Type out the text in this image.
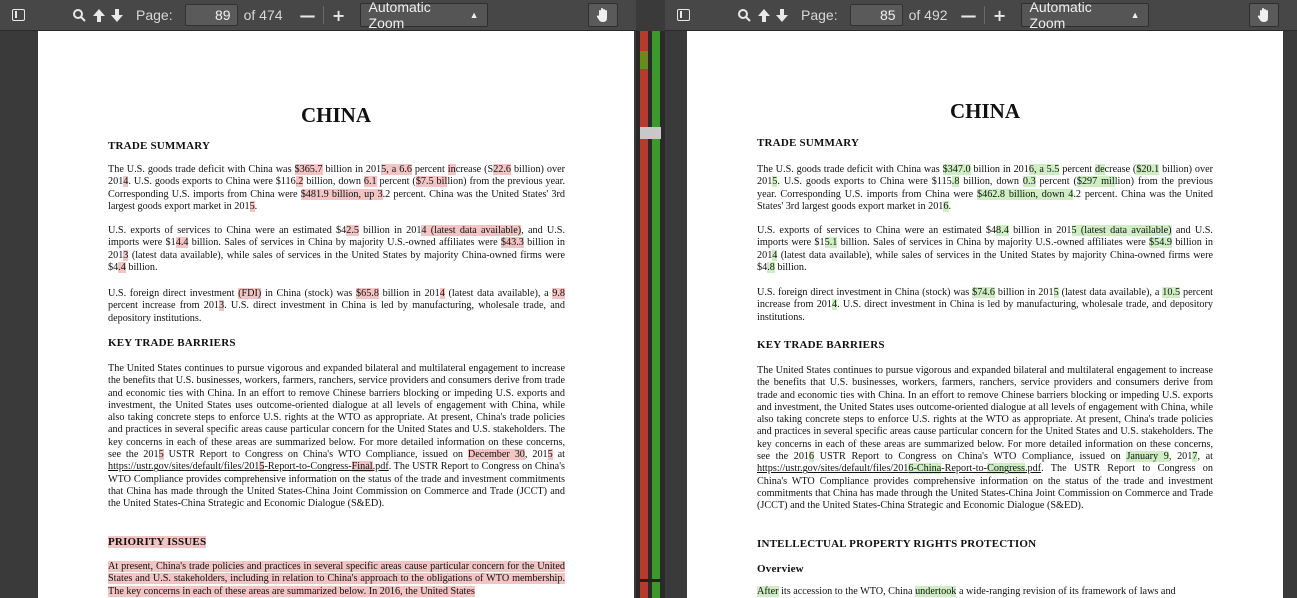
Page:	89 of 474 — +	Automatic Zoom	▲︎	Page:	85 of 492 — +	Automatic Zoom	▲︎
CHINA
TRADE SUMMARY

The U.S. goods trade deficit with China was $365.7 billion in 2015, a 6.6 percent increase (S22.6 billion) over 2014. U.S. goods exports to China were $116.2 billion, down 6.1 percent ($7.5 billion) from the previous year. Corresponding U.S. imports from China were $481.9 billion, up 3.2 percent. China was the United States' 3rd largest goods export market in 2015.

U.S. exports of services to China were an estimated $42.5 billion in 2014 (latest data available), and U.S. imports were $14.4 billion. Sales of services in China by majority U.S.-owned affiliates were $43.3 billion in 2013 (latest data available), while sales of services in the United States by majority China-owned firms were $4.4 billion.

U.S. foreign direct investment (FDI) in China (stock) was $65.8 billion in 2014 (latest data available), a 9.8 percent increase from 2013. U.S. direct investment in China is led by manufacturing, wholesale trade, and depository institutions.

KEY TRADE BARRIERS

The United States continues to pursue vigorous and expanded bilateral and multilateral engagement to increase the benefits that U.S. businesses, workers, farmers, ranchers, service providers and consumers derive from trade and economic ties with China. In an effort to remove Chinese barriers blocking or impeding U.S. exports and investment, the United States uses outcome-oriented dialogue at all levels of engagement with China, while also taking concrete steps to enforce U.S. rights at the WTO as appropriate. At present, China's trade policies and practices in several specific areas cause particular concern for the United States and U.S. stakeholders. The key concerns in each of these areas are summarized below. For more detailed information on these concerns, see the 2015 USTR Report to Congress on China's WTO Compliance, issued on December 30, 2015 at https://ustr.gov/sites/default/files/2015-Report-to-Congress-Final.pdf. The USTR Report to Congress on China's WTO Compliance provides comprehensive information on the status of the trade and investment commitments that China has made through the United States-China Joint Commission on Commerce and Trade (JCCT) and the United States-China Strategic and Economic Dialogue (S&ED).

PRIORITY ISSUES

At present, China's trade policies and practices in several specific areas cause particular concern for the United States and U.S. stakeholders, including in relation to China's approach to the obligations of WTO membership. The key concerns in each of these areas are summarized below. In 2016, the United States

CHINA
TRADE SUMMARY

The U.S. goods trade deficit with China was $347.0 billion in 2016, a 5.5 percent decrease ($20.1 billion) over 2015. U.S. goods exports to China were $115.8 billion, down 0.3 percent ($297 million) from the previous year. Corresponding U.S. imports from China were $462.8 billion, down 4.2 percent. China was the United States' 3rd largest goods export market in 2016.

U.S. exports of services to China were an estimated $48.4 billion in 2015 (latest data available) and U.S. imports were $15.1 billion. Sales of services in China by majority U.S.-owned affiliates were $54.9 billion in 2014 (latest data available), while sales of services in the United States by majority China-owned firms were $4.8 billion.

U.S. foreign direct investment in China (stock) was $74.6 billion in 2015 (latest data available), a 10.5 percent increase from 2014. U.S. direct investment in China is led by manufacturing, wholesale trade, and depository institutions.

KEY TRADE BARRIERS

The United States continues to pursue vigorous and expanded bilateral and multilateral engagement to increase the benefits that U.S. businesses, workers, farmers, ranchers, service providers and consumers derive from trade and economic ties with China. In an effort to remove Chinese barriers blocking or impeding U.S. exports and investment, the United States uses outcome-oriented dialogue at all levels of engagement with China, while also taking concrete steps to enforce U.S. rights at the WTO as appropriate. At present, China's trade policies and practices in several specific areas cause particular concern for the United States and U.S. stakeholders. The key concerns in each of these areas are summarized below. For more detailed information on these concerns, see the 2016 USTR Report to Congress on China's WTO Compliance, issued on January 9, 2017, at https://ustr.gov/sites/default/files/2016-China-Report-to-Congress.pdf. The USTR Report to Congress on China's WTO Compliance provides comprehensive information on the status of the trade and investment commitments that China has made through the United States-China Joint Commission on Commerce and Trade (JCCT) and the United States-China Strategic and Economic Dialogue (S&ED).

INTELLECTUAL PROPERTY RIGHTS PROTECTION
Overview

After its accession to the WTO, China undertook a wide-ranging revision of its framework of laws and
